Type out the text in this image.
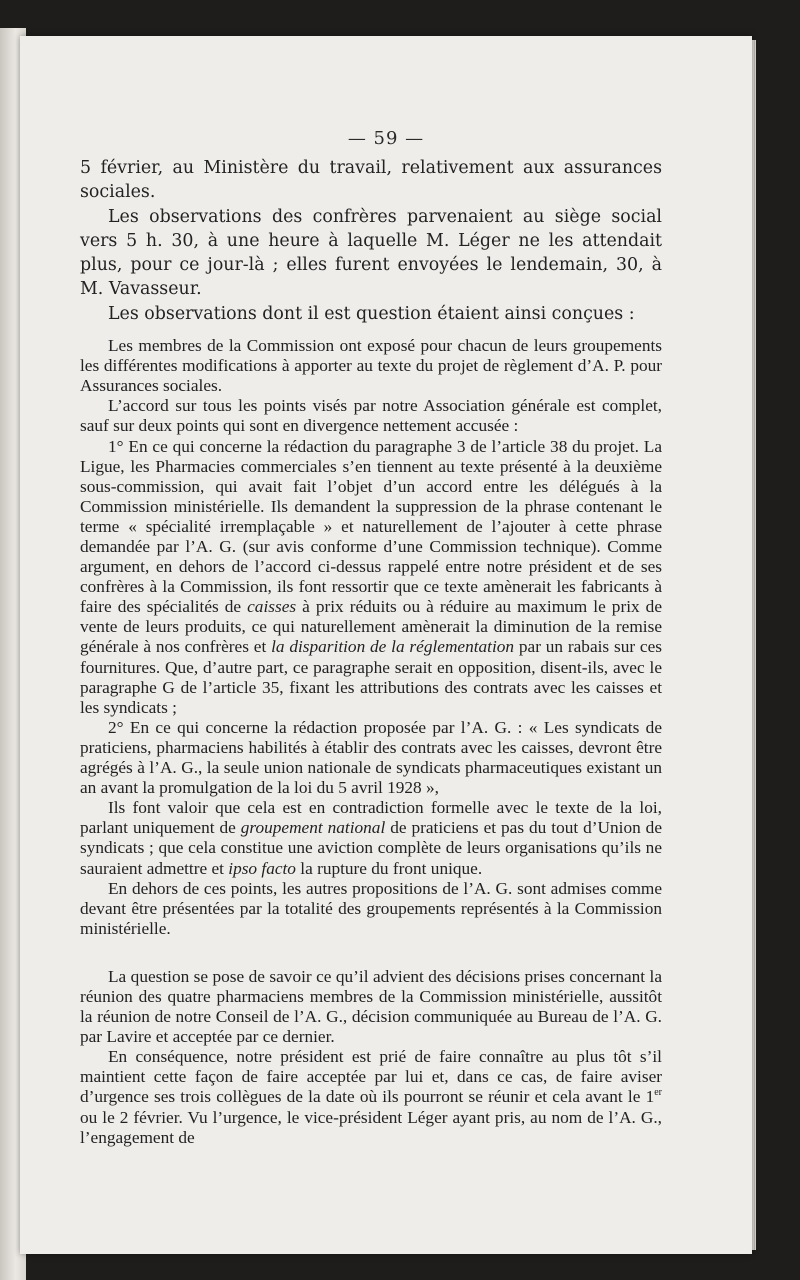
— 59 —

5 février, au Ministère du travail, relativement aux assurances sociales.

Les observations des confrères parvenaient au siège social vers 5 h. 30, à une heure à laquelle M. Léger ne les attendait plus, pour ce jour-là ; elles furent envoyées le lendemain, 30, à M. Vavasseur.

Les observations dont il est question étaient ainsi conçues :

Les membres de la Commission ont exposé pour chacun de leurs groupements les différentes modifications à apporter au texte du projet de règlement d’A. P. pour Assurances sociales.

L’accord sur tous les points visés par notre Association générale est complet, sauf sur deux points qui sont en divergence nettement accusée :

1° En ce qui concerne la rédaction du paragraphe 3 de l’article 38 du projet. La Ligue, les Pharmacies commerciales s’en tiennent au texte présenté à la deuxième sous-commission, qui avait fait l’objet d’un accord entre les délégués à la Commission ministérielle. Ils demandent la suppression de la phrase contenant le terme « spécialité irremplaçable » et naturellement de l’ajouter à cette phrase demandée par l’A. G. (sur avis conforme d’une Commission technique). Comme argument, en dehors de l’accord ci-dessus rappelé entre notre président et de ses confrères à la Commission, ils font ressortir que ce texte amènerait les fabricants à faire des spécialités de caisses à prix réduits ou à réduire au maximum le prix de vente de leurs produits, ce qui naturellement amènerait la diminution de la remise générale à nos confrères et la disparition de la réglementation par un rabais sur ces fournitures. Que, d’autre part, ce paragraphe serait en opposition, disent-ils, avec le paragraphe G de l’article 35, fixant les attributions des contrats avec les caisses et les syndicats ;

2° En ce qui concerne la rédaction proposée par l’A. G. : « Les syndicats de praticiens, pharmaciens habilités à établir des contrats avec les caisses, devront être agrégés à l’A. G., la seule union nationale de syndicats pharmaceutiques existant un an avant la promulgation de la loi du 5 avril 1928 »,

Ils font valoir que cela est en contradiction formelle avec le texte de la loi, parlant uniquement de groupement national de praticiens et pas du tout d’Union de syndicats ; que cela constitue une aviction complète de leurs organisations qu’ils ne sauraient admettre et ipso facto la rupture du front unique.

En dehors de ces points, les autres propositions de l’A. G. sont admises comme devant être présentées par la totalité des groupements représentés à la Commission ministérielle.

La question se pose de savoir ce qu’il advient des décisions prises concernant la réunion des quatre pharmaciens membres de la Commission ministérielle, aussitôt la réunion de notre Conseil de l’A. G., décision communiquée au Bureau de l’A. G. par Lavire et acceptée par ce dernier.

En conséquence, notre président est prié de faire connaître au plus tôt s’il maintient cette façon de faire acceptée par lui et, dans ce cas, de faire aviser d’urgence ses trois collègues de la date où ils pourront se réunir et cela avant le 1er ou le 2 février. Vu l’urgence, le vice-président Léger ayant pris, au nom de l’A. G., l’engagement de
